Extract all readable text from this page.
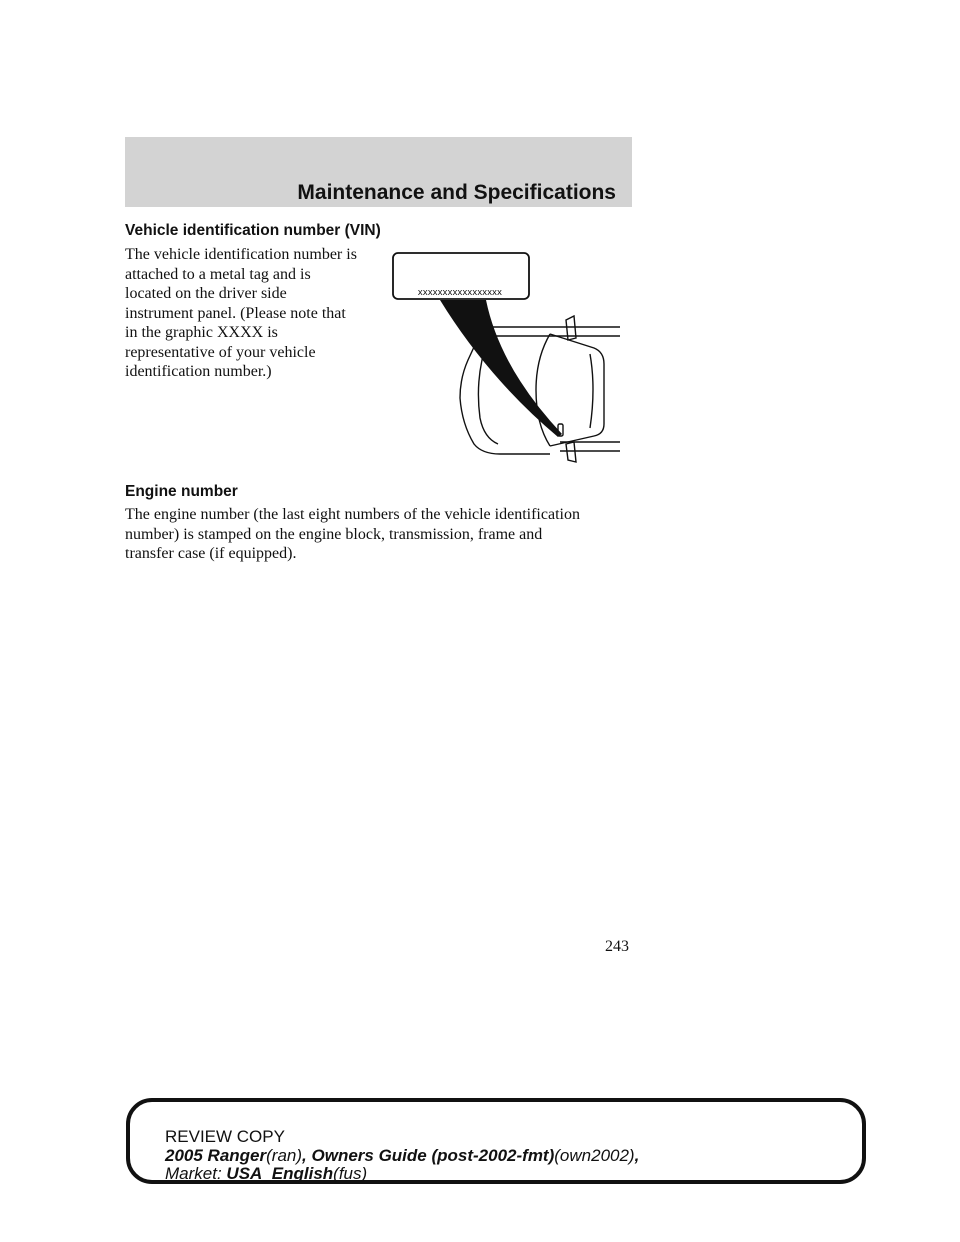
Maintenance and Specifications
Vehicle identification number (VIN)
The vehicle identification number is
attached to a metal tag and is
located on the driver side
instrument panel. (Please note that
in the graphic XXXX is
representative of your vehicle
identification number.)
xxxxxxxxxxxxxxxxx
Engine number
The engine number (the last eight numbers of the vehicle identification
number) is stamped on the engine block, transmission, frame and
transfer case (if equipped).
243
REVIEW COPY
2005 Ranger(ran), Owners Guide (post-2002-fmt)(own2002),
Market: USA_English(fus)
